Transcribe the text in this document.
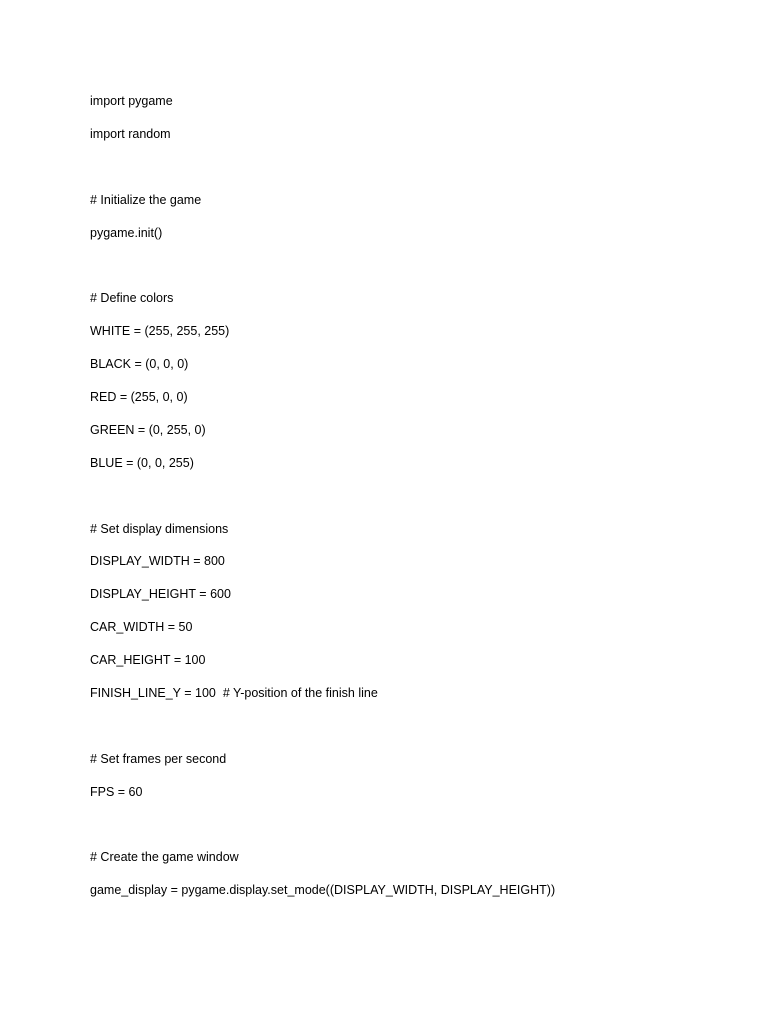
import pygame
import random
# Initialize the game
pygame.init()
# Define colors
WHITE = (255, 255, 255)
BLACK = (0, 0, 0)
RED = (255, 0, 0)
GREEN = (0, 255, 0)
BLUE = (0, 0, 255)
# Set display dimensions
DISPLAY_WIDTH = 800
DISPLAY_HEIGHT = 600
CAR_WIDTH = 50
CAR_HEIGHT = 100
FINISH_LINE_Y = 100  # Y-position of the finish line
# Set frames per second
FPS = 60
# Create the game window
game_display = pygame.display.set_mode((DISPLAY_WIDTH, DISPLAY_HEIGHT))
